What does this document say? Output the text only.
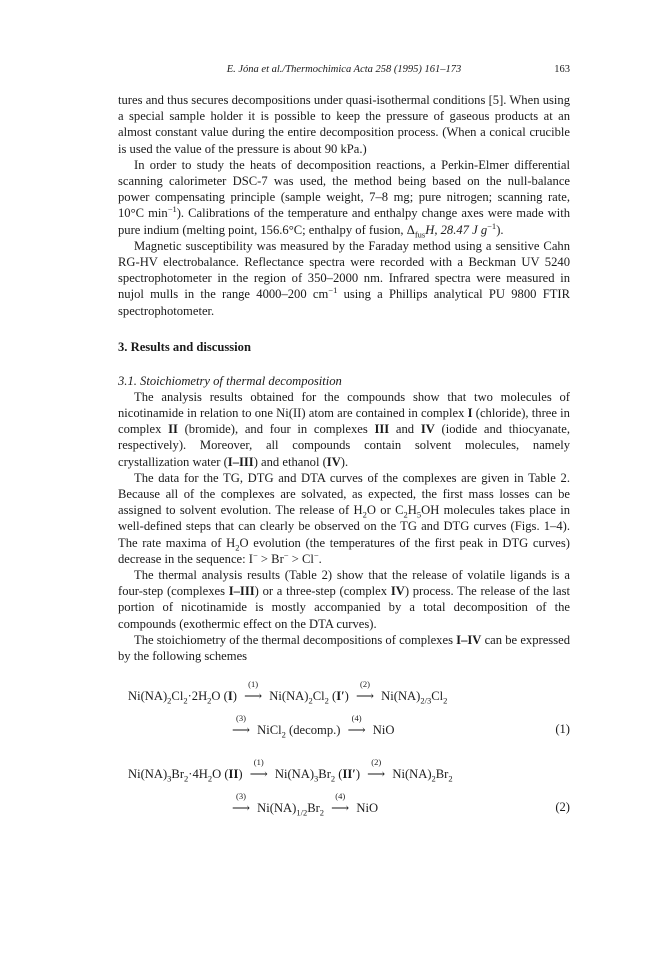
E. Jóna et al./Thermochimica Acta 258 (1995) 161–173	163

tures and thus secures decompositions under quasi-isothermal conditions [5]. When using a special sample holder it is possible to keep the pressure of gaseous products at an almost constant value during the entire decomposition process. (When a conical crucible is used the value of the pressure is about 90 kPa.)

In order to study the heats of decomposition reactions, a Perkin-Elmer differential scanning calorimeter DSC-7 was used, the method being based on the null-balance power compensating principle (sample weight, 7–8 mg; pure nitrogen; scanning rate, 10°C $\min^{-1}$). Calibrations of the temperature and enthalpy change axes were made with pure indium (melting point, 156.6°C; enthalpy of fusion, $\Delta_{fus}H$, 28.47 J $g^{-1}$).

Magnetic susceptibility was measured by the Faraday method using a sensitive Cahn RG-HV electrobalance. Reflectance spectra were recorded with a Beckman UV 5240 spectrophotometer in the region of 350–2000 nm. Infrared spectra were measured in nujol mulls in the range 4000–200 $cm^{-1}$ using a Phillips analytical PU 9800 FTIR spectrophotometer.

3. Results and discussion
3.1. Stoichiometry of thermal decomposition

The analysis results obtained for the compounds show that two molecules of nicotinamide in relation to one Ni(II) atom are contained in complex I (chloride), three in complex II (bromide), and four in complexes III and IV (iodide and thiocyanate, respectively). Moreover, all compounds contain solvent molecules, namely crystallization water (I–III) and ethanol (IV).

The data for the TG, DTG and DTA curves of the complexes are given in Table 2. Because all of the complexes are solvated, as expected, the first mass losses can be assigned to solvent evolution. The release of $H_2O$ or $C_2H_5OH$ molecules takes place in well-defined steps that can clearly be observed on the TG and DTG curves (Figs. 1–4). The rate maxima of $H_2O$ evolution (the temperatures of the first peak in DTG curves) decrease in the sequence: I− > Br− > Cl−.

The thermal analysis results (Table 2) show that the release of volatile ligands is a four-step (complexes I–III) or a three-step (complex IV) process. The release of the last portion of nicotinamide is mostly accompanied by a total decomposition of the compounds (exothermic effect on the DTA curves).

The stoichiometry of the thermal decompositions of complexes I–IV can be expressed by the following schemes

$Ni(NA)_2Cl_2\cdot 2H_2O$ (I)
(1)
⟶ $Ni(NA)_2Cl_2$ (I′)
(2)
⟶ $Ni(NA)_{2/3}Cl_2$
(3)
⟶ NiCl$_2$ (decomp.)
(4)
⟶ NiO	(1)
$Ni(NA)_3Br_2\cdot 4H_2O$ (II)
(1)
⟶ $Ni(NA)_3Br_2$ (II′)
(2)
⟶ $Ni(NA)_2Br_2$
(3)
⟶ $Ni(NA)_{1/2}Br_2$
(4)
⟶ NiO	(2)
